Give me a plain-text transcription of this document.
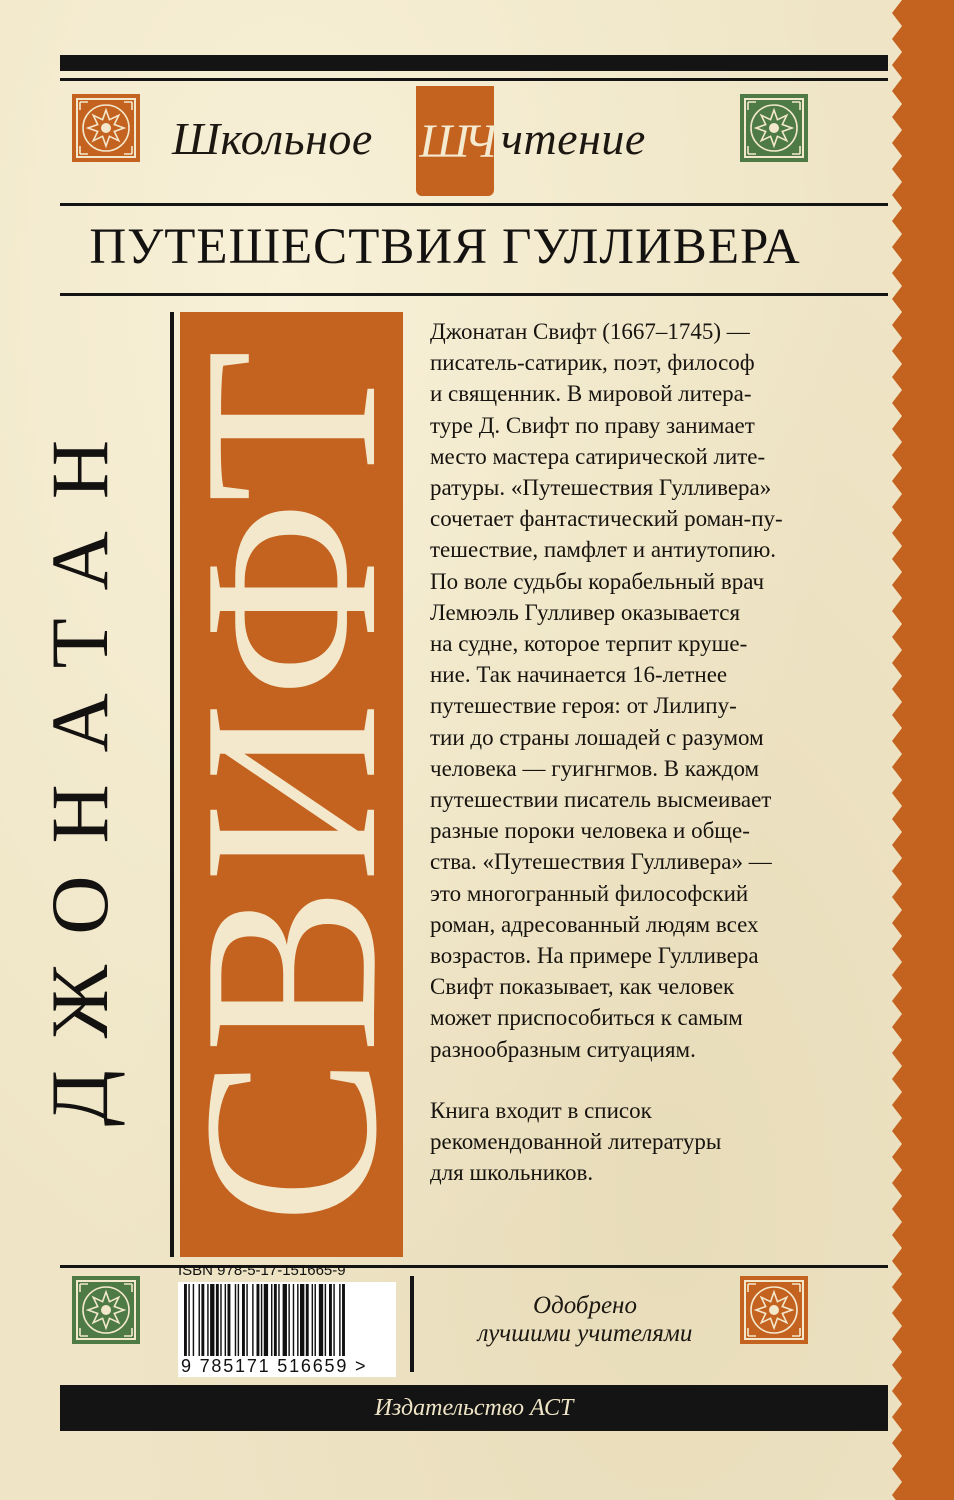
Школьное ШЧ чтение
ПУТЕШЕСТВИЯ ГУЛЛИВЕРА
ДЖОНАТАН СВИФТ

Джонатан Свифт (1667–1745) —
писатель-сатирик, поэт, философ
и священник. В мировой литера-
туре Д. Свифт по праву занимает
место мастера сатирической лите-
ратуры. «Путешествия Гулливера»
сочетает фантастический роман-пу-
тешествие, памфлет и антиутопию.
По воле судьбы корабельный врач
Лемюэль Гулливер оказывается
на судне, которое терпит круше-
ние. Так начинается 16-летнее
путешествие героя: от Лилипу-
тии до страны лошадей с разумом
человека — гуигнгмов. В каждом
путешествии писатель высмеивает
разные пороки человека и обще-
ства. «Путешествия Гулливера» —
это многогранный философский
роман, адресованный людям всех
возрастов. На примере Гулливера
Свифт показывает, как человек
может приспособиться к самым
разнообразным ситуациям.

Книга входит в список
рекомендованной литературы
для школьников.

ISBN 978-5-17-151665-9
9 785171 516659 >
Одобрено
лучшими учителями
Издательство АСТ
